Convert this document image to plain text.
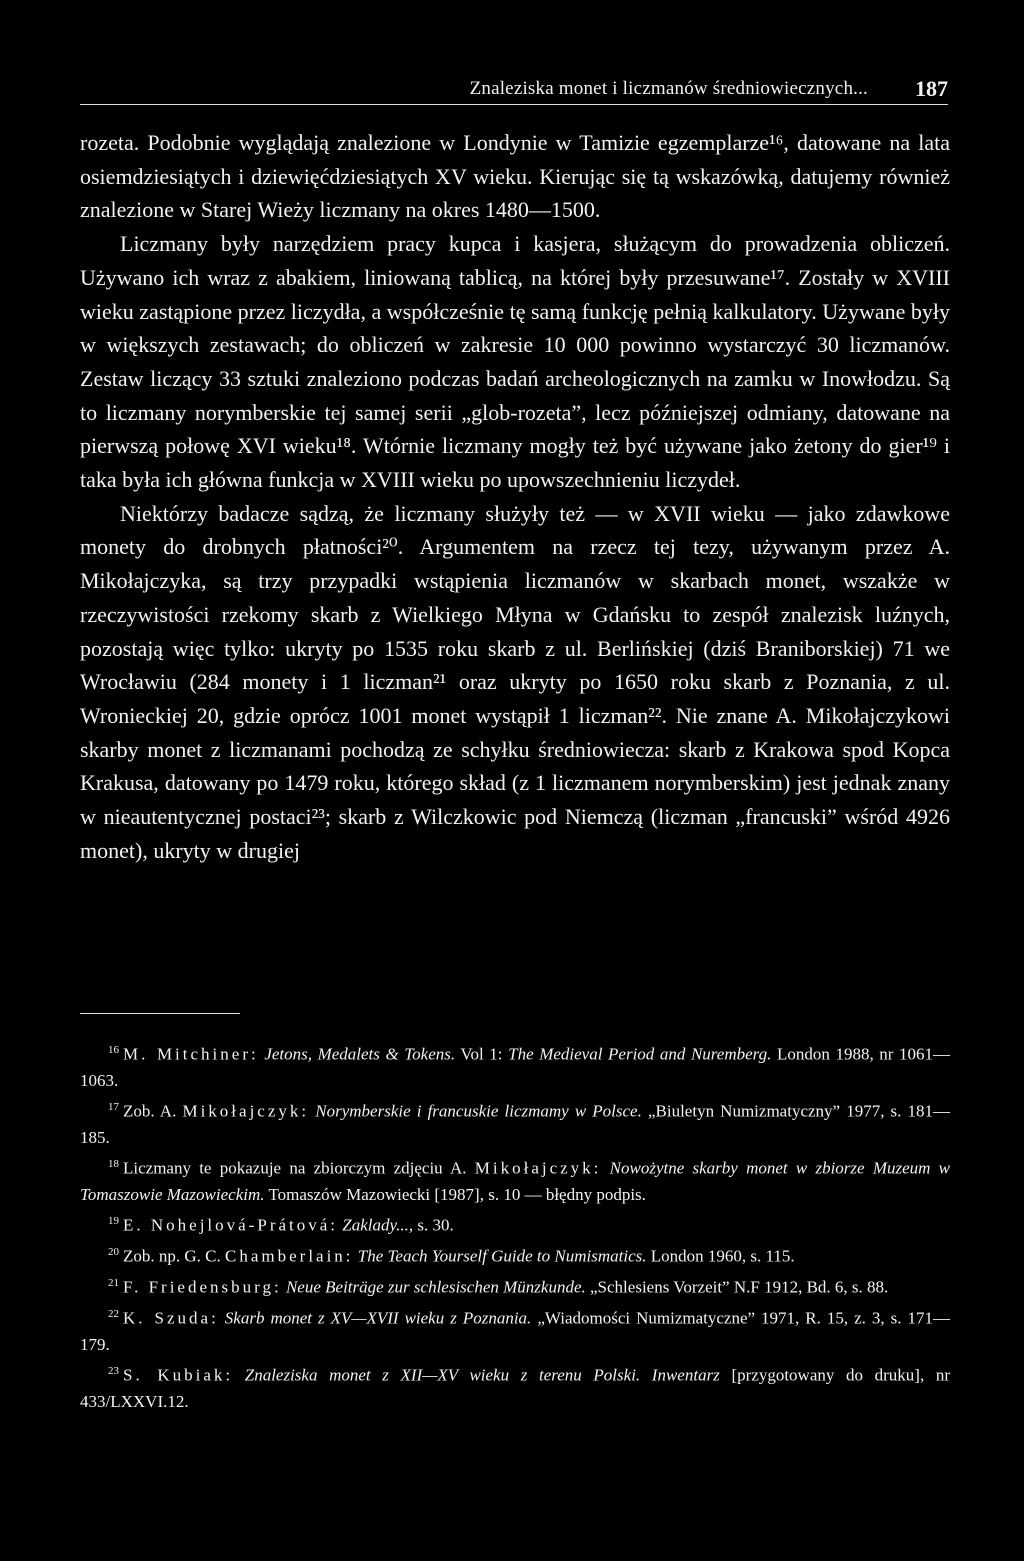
Znaleziska monet i liczmanów średniowiecznych... 187

rozeta. Podobnie wyglądają znalezione w Londynie w Tamizie egzemplarze¹⁶, datowane na lata osiemdziesiątych i dziewięćdziesiątych XV wieku. Kierując się tą wskazówką, datujemy również znalezione w Starej Wieży liczmany na okres 1480—1500.

Liczmany były narzędziem pracy kupca i kasjera, służącym do prowadzenia obliczeń. Używano ich wraz z abakiem, liniowaną tablicą, na której były przesuwane¹⁷. Zostały w XVIII wieku zastąpione przez liczydła, a współcześnie tę samą funkcję pełnią kalkulatory. Używane były w większych zestawach; do obliczeń w zakresie 10 000 powinno wystarczyć 30 liczmanów. Zestaw liczący 33 sztuki znaleziono podczas badań archeologicznych na zamku w Inowłodzu. Są to liczmany norymberskie tej samej serii „glob-rozeta”, lecz późniejszej odmiany, datowane na pierwszą połowę XVI wieku¹⁸. Wtórnie liczmany mogły też być używane jako żetony do gier¹⁹ i taka była ich główna funkcja w XVIII wieku po upowszechnieniu liczydeł.

Niektórzy badacze sądzą, że liczmany służyły też — w XVII wieku — jako zdawkowe monety do drobnych płatności²⁰. Argumentem na rzecz tej tezy, używanym przez A. Mikołajczyka, są trzy przypadki wstąpienia liczmanów w skarbach monet, wszakże w rzeczywistości rzekomy skarb z Wielkiego Młyna w Gdańsku to zespół znalezisk luźnych, pozostają więc tylko: ukryty po 1535 roku skarb z ul. Berlińskiej (dziś Braniborskiej) 71 we Wrocławiu (284 monety i 1 liczman²¹ oraz ukryty po 1650 roku skarb z Poznania, z ul. Wronieckiej 20, gdzie oprócz 1001 monet wystąpił 1 liczman²². Nie znane A. Mikołajczykowi skarby monet z liczmanami pochodzą ze schyłku średniowiecza: skarb z Krakowa spod Kopca Krakusa, datowany po 1479 roku, którego skład (z 1 liczmanem norymberskim) jest jednak znany w nieautentycznej postaci²³; skarb z Wilczkowic pod Niemczą (liczman „francuski” wśród 4926 monet), ukryty w drugiej

$^{16}$ M. Mitchiner: Jetons, Medalets & Tokens. Vol 1: The Medieval Period and Nuremberg. London 1988, nr 1061—1063.

$^{17}$ Zob. A. Mikołajczyk: Norymberskie i francuskie liczmamy w Polsce. „Biuletyn Numizmatyczny” 1977, s. 181—185.

$^{18}$ Liczmany te pokazuje na zbiorczym zdjęciu A. Mikołajczyk: Nowożytne skarby monet w zbiorze Muzeum w Tomaszowie Mazowieckim. Tomaszów Mazowiecki [1987], s. 10 — błędny podpis.

$^{19}$ E. Nohejlová-Prátová: Zaklady..., s. 30.

$^{20}$ Zob. np. G. C. Chamberlain: The Teach Yourself Guide to Numismatics. London 1960, s. 115.

$^{21}$ F. Friedensburg: Neue Beiträge zur schlesischen Münzkunde. „Schlesiens Vorzeit” N.F 1912, Bd. 6, s. 88.

$^{22}$ K. Szuda: Skarb monet z XV—XVII wieku z Poznania. „Wiadomości Numizmatyczne” 1971, R. 15, z. 3, s. 171—179.

$^{23}$ S. Kubiak: Znaleziska monet z XII—XV wieku z terenu Polski. Inwentarz [przygotowany do druku], nr 433/LXXVI.12.
